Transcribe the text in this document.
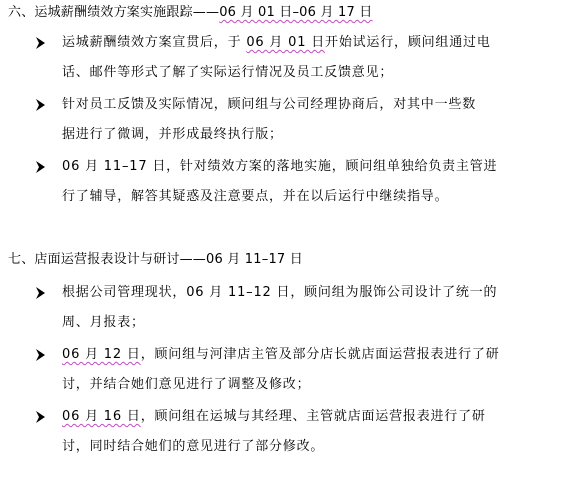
六、运城薪酬绩效方案实施跟踪——06 月 01 日–06 月 17 日
运城薪酬绩效方案宣贯后，于 06 月 01 日开始试运行，顾问组通过电
话、邮件等形式了解了实际运行情况及员工反馈意见；
针对员工反馈及实际情况，顾问组与公司经理协商后，对其中一些数
据进行了微调，并形成最终执行版；
06 月 11–17 日，针对绩效方案的落地实施，顾问组单独给负责主管进
行了辅导，解答其疑惑及注意要点，并在以后运行中继续指导。
七、店面运营报表设计与研讨——06 月 11–17 日
根据公司管理现状，06 月 11–12 日，顾问组为服饰公司设计了统一的
周、月报表；
06 月 12 日，顾问组与河津店主管及部分店长就店面运营报表进行了研
讨，并结合她们意见进行了调整及修改；
06 月 16 日，顾问组在运城与其经理、主管就店面运营报表进行了研
讨，同时结合她们的意见进行了部分修改。
